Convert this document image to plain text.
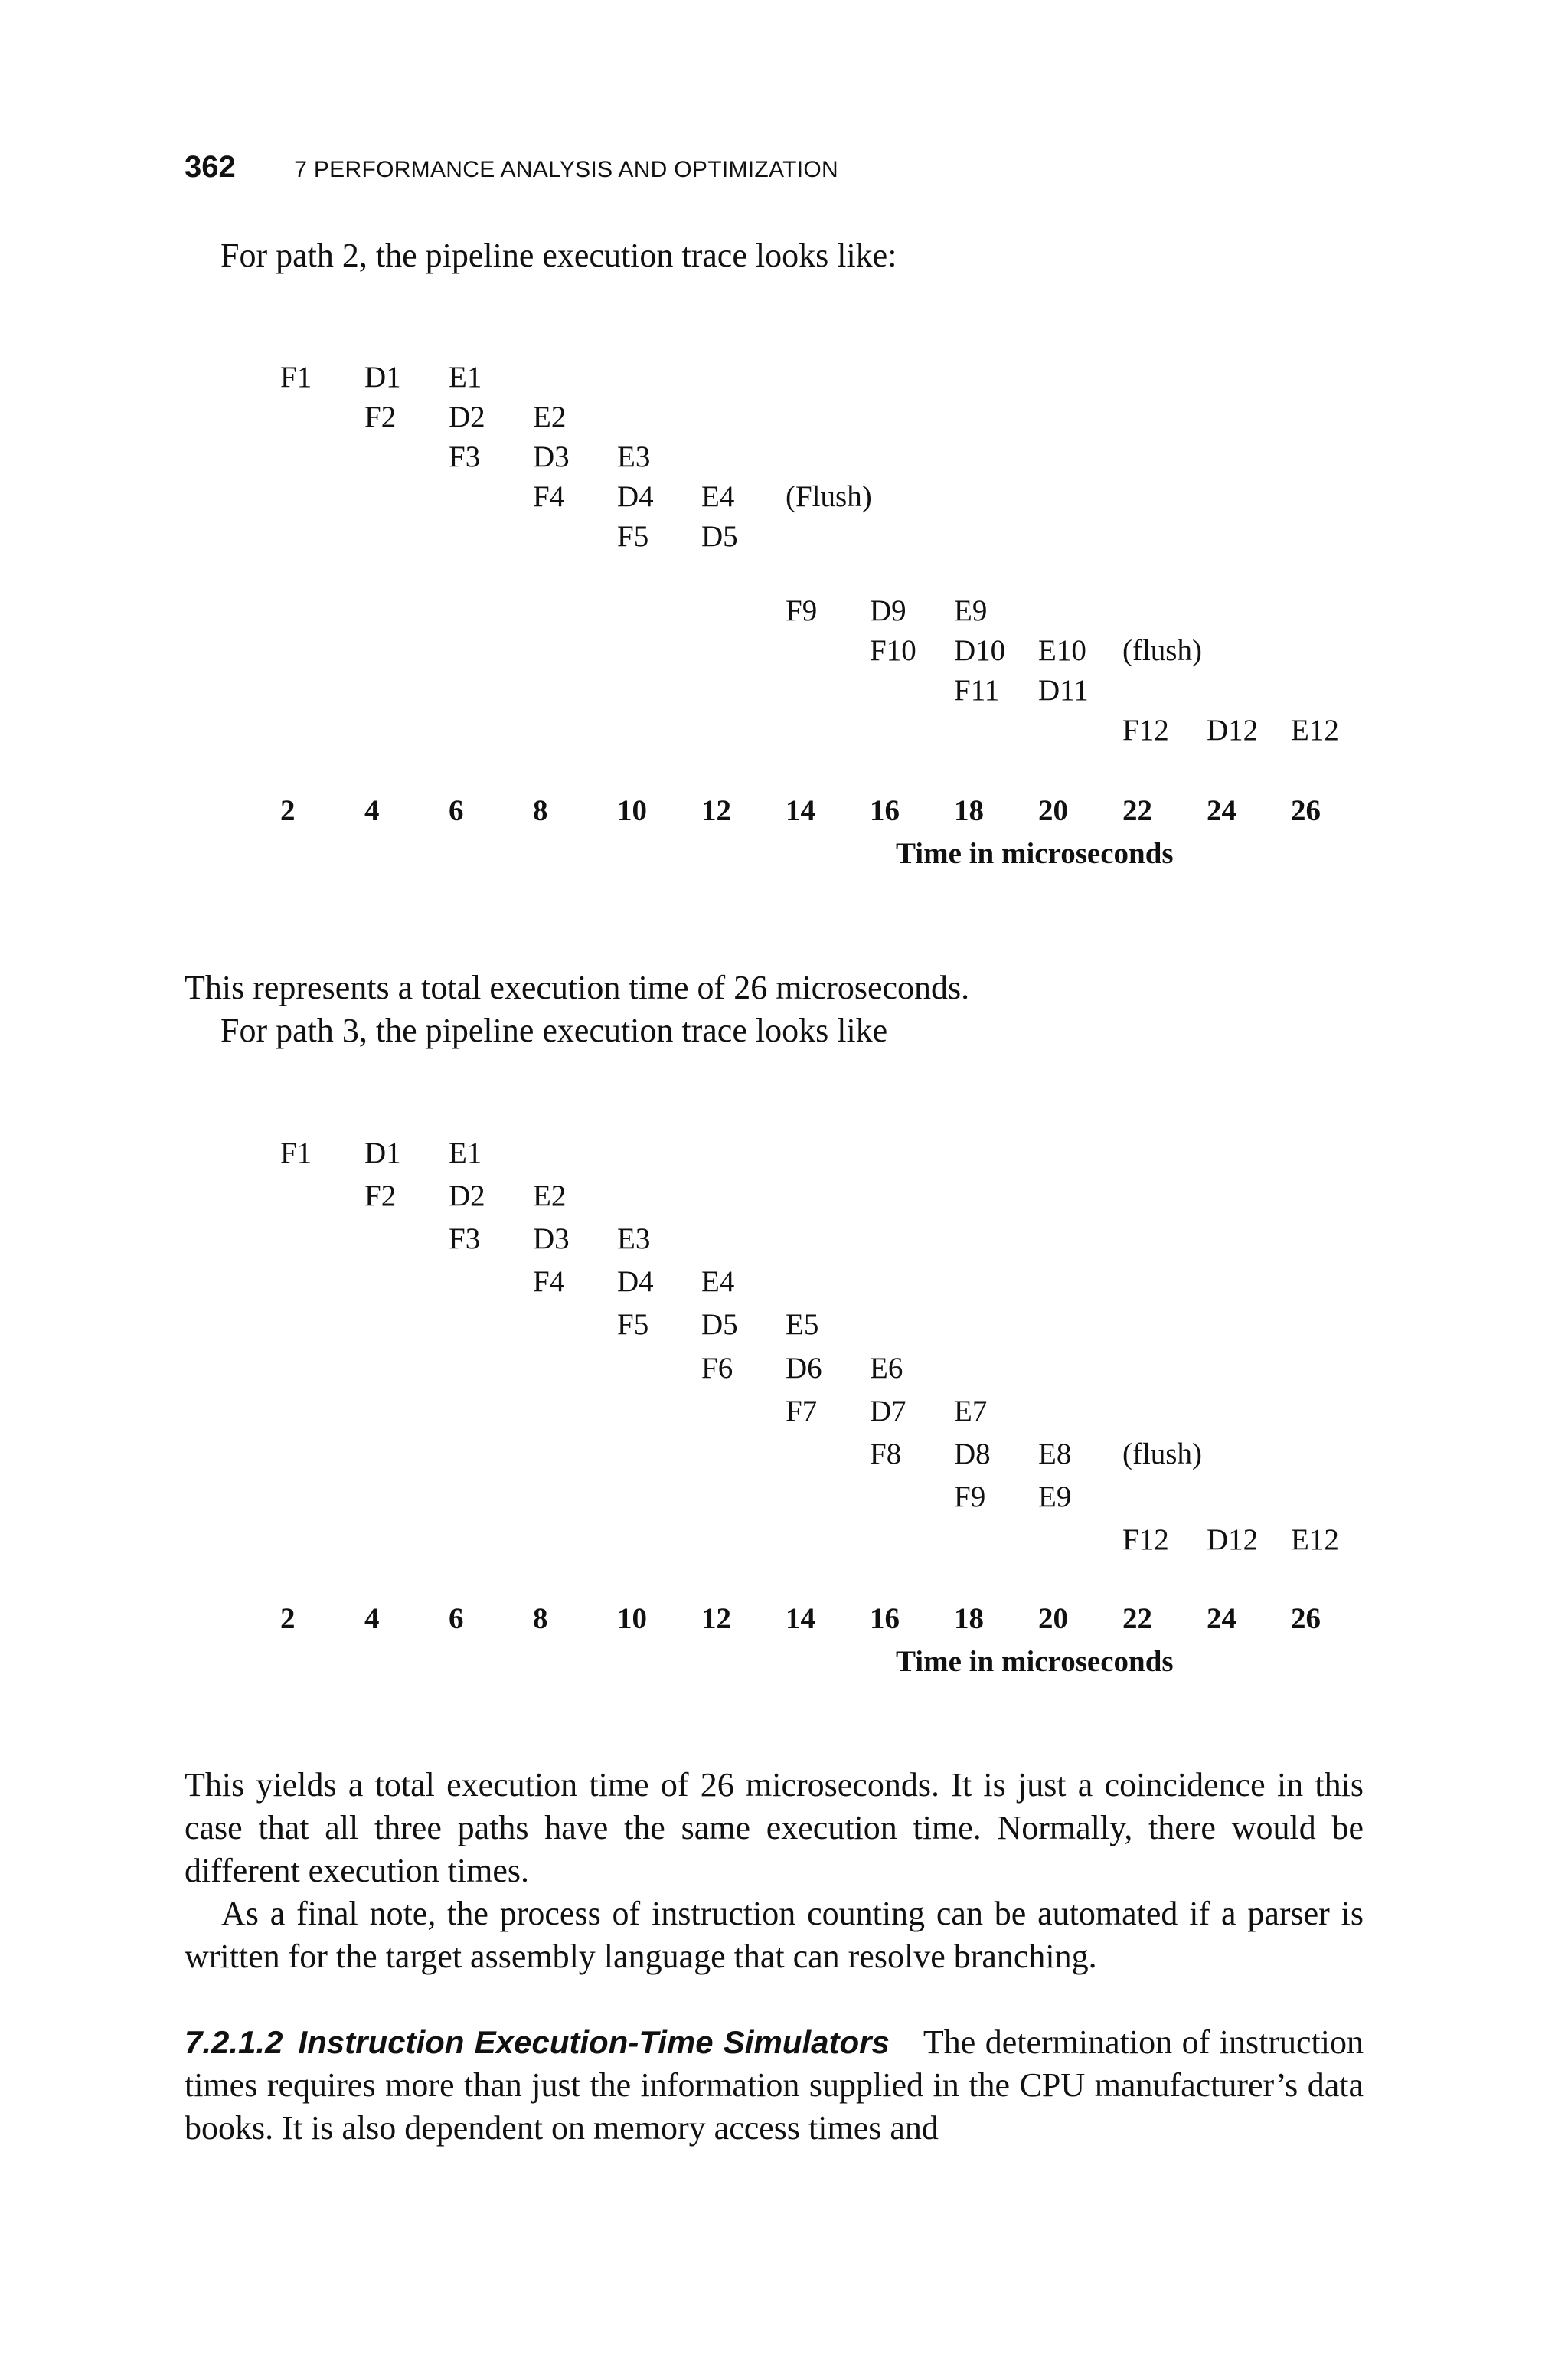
362	7 PERFORMANCE ANALYSIS AND OPTIMIZATION
For path 2, the pipeline execution trace looks like:
F1 D1 E1
F2 D2 E2
F3 D3 E3
F4 D4 E4 (Flush)
F5 D5
F9 D9 E9
F10 D10 E10 (flush)
F11 D11
F12 D12 E12
2 4 6 8 10 12 14 16 18 20 22 24 26
Time in microseconds
This represents a total execution time of 26 microseconds.
For path 3, the pipeline execution trace looks like
F1 D1 E1
F2 D2 E2
F3 D3 E3
F4 D4 E4
F5 D5 E5
F6 D6 E6
F7 D7 E7
F8 D8 E8 (flush)
F9 E9
F12 D12 E12
2 4 6 8 10 12 14 16 18 20 22 24 26
Time in microseconds
This yields a total execution time of 26 microseconds. It is just a coincidence in this case that all three paths have the same execution time. Normally, there would be different execution times.
As a final note, the process of instruction counting can be automated if a parser is written for the target assembly language that can resolve branching.
7.2.1.2 Instruction Execution-Time Simulators  The determination of instruction times requires more than just the information supplied in the CPU manufacturer’s data books. It is also dependent on memory access times and
